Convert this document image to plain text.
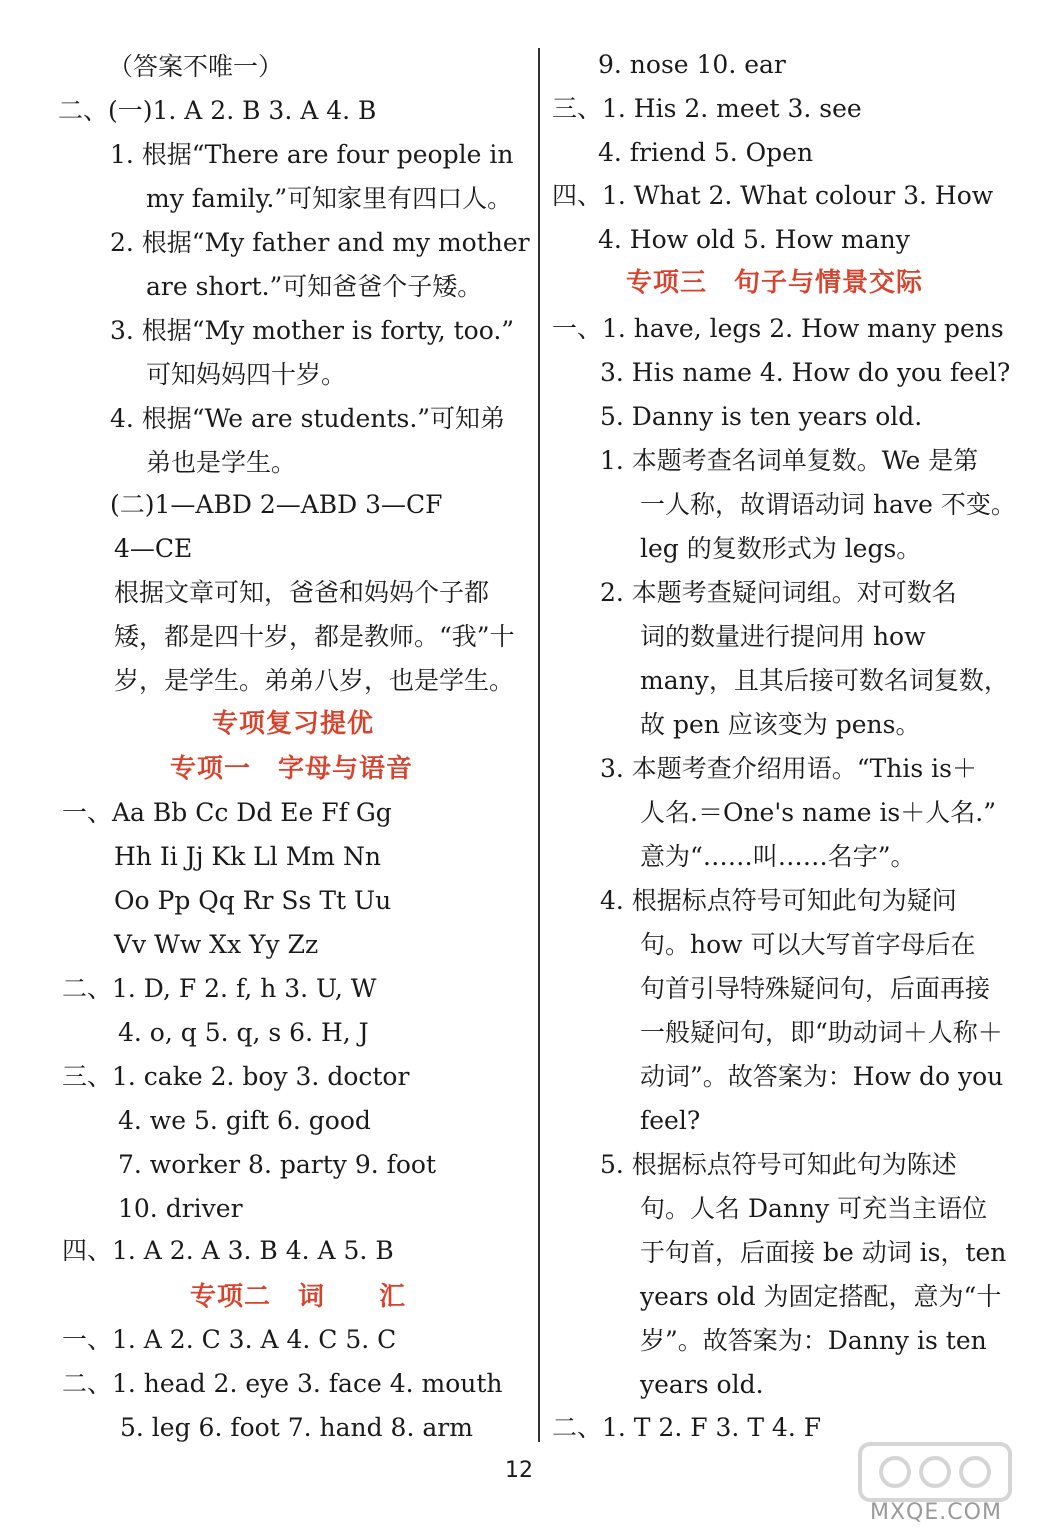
（答案不唯一）
二、(一)1. A 2. B 3. A 4. B
1. 根据“There are four people in
my family.”可知家里有四口人。
2. 根据“My father and my mother
are short.”可知爸爸个子矮。
3. 根据“My mother is forty, too.”
可知妈妈四十岁。
4. 根据“We are students.”可知弟
弟也是学生。
(二)1—ABD 2—ABD 3—CF
4—CE
根据文章可知，爸爸和妈妈个子都
矮，都是四十岁，都是教师。“我”十
岁，是学生。弟弟八岁，也是学生。
专项复习提优
专项一　字母与语音
一、Aa Bb Cc Dd Ee Ff Gg
Hh Ii Jj Kk Ll Mm Nn
Oo Pp Qq Rr Ss Tt Uu
Vv Ww Xx Yy Zz
二、1. D, F 2. f, h 3. U, W
4. o, q 5. q, s 6. H, J
三、1. cake 2. boy 3. doctor
4. we 5. gift 6. good
7. worker 8. party 9. foot
10. driver
四、1. A 2. A 3. B 4. A 5. B
专项二　词　　汇
一、1. A 2. C 3. A 4. C 5. C
二、1. head 2. eye 3. face 4. mouth
5. leg 6. foot 7. hand 8. arm
9. nose 10. ear
三、1. His 2. meet 3. see
4. friend 5. Open
四、1. What 2. What colour 3. How
4. How old 5. How many
专项三　句子与情景交际
一、1. have, legs 2. How many pens
3. His name 4. How do you feel?
5. Danny is ten years old.
1. 本题考查名词单复数。We 是第
一人称，故谓语动词 have 不变。
leg 的复数形式为 legs。
2. 本题考查疑问词组。对可数名
词的数量进行提问用 how
many，且其后接可数名词复数，
故 pen 应该变为 pens。
3. 本题考查介绍用语。“This is＋
人名.＝One's name is＋人名.”
意为“……叫……名字”。
4. 根据标点符号可知此句为疑问
句。how 可以大写首字母后在
句首引导特殊疑问句，后面再接
一般疑问句，即“助动词＋人称＋
动词”。故答案为：How do you
feel?
5. 根据标点符号可知此句为陈述
句。人名 Danny 可充当主语位
于句首，后面接 be 动词 is，ten
years old 为固定搭配，意为“十
岁”。故答案为：Danny is ten
years old.
二、1. T 2. F 3. T 4. F
12
MXQE.COM
